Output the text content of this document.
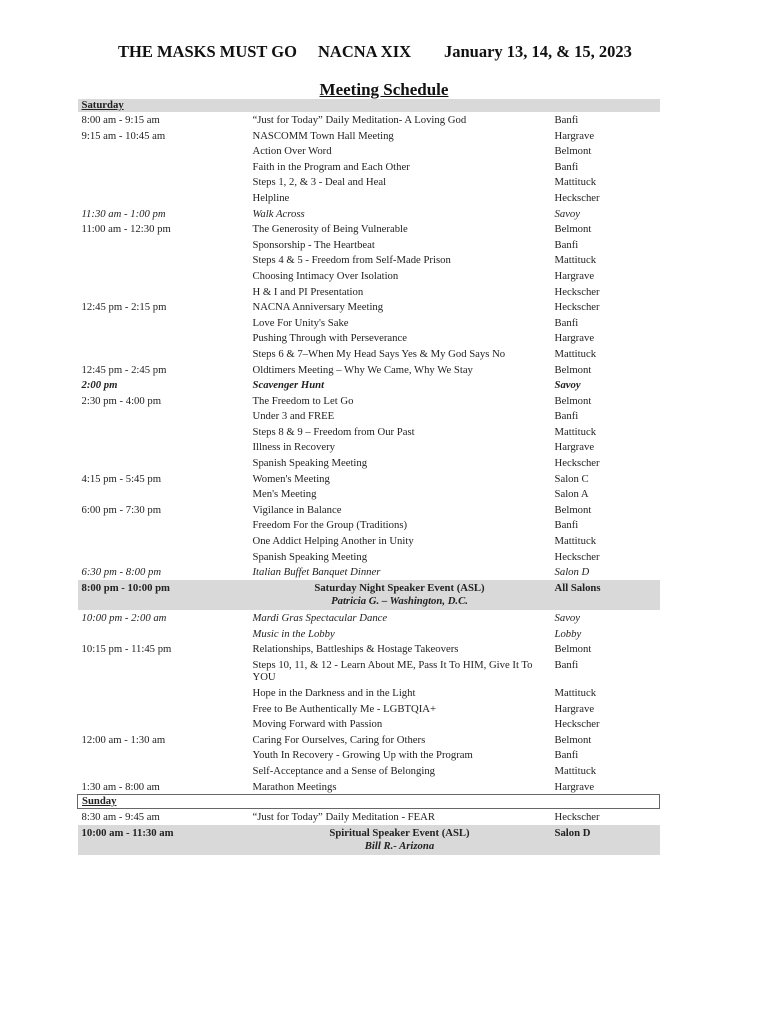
THE MASKS MUST GO NACNA XIX January 13, 14, & 15, 2023
Meeting Schedule
Saturday		
8:00 am - 9:15 am	“Just for Today” Daily Meditation- A Loving God	Banfi
9:15 am - 10:45 am	NASCOMM Town Hall Meeting	Hargrave
	Action Over Word	Belmont
	Faith in the Program and Each Other	Banfi
	Steps 1, 2, & 3 - Deal and Heal	Mattituck
	Helpline	Heckscher
11:30 am - 1:00 pm	Walk Across	Savoy
11:00 am - 12:30 pm	The Generosity of Being Vulnerable	Belmont
	Sponsorship - The Heartbeat	Banfi
	Steps 4 & 5 - Freedom from Self-Made Prison	Mattituck
	Choosing Intimacy Over Isolation	Hargrave
	H & I and PI Presentation	Heckscher
12:45 pm - 2:15 pm	NACNA Anniversary Meeting	Heckscher
	Love For Unity's Sake	Banfi
	Pushing Through with Perseverance	Hargrave
	Steps 6 & 7–When My Head Says Yes & My God Says No	Mattituck
12:45 pm - 2:45 pm	Oldtimers Meeting – Why We Came, Why We Stay	Belmont
2:00 pm	Scavenger Hunt	Savoy
2:30 pm - 4:00 pm	The Freedom to Let Go	Belmont
	Under 3 and FREE	Banfi
	Steps 8 & 9 – Freedom from Our Past	Mattituck
	Illness in Recovery	Hargrave
	Spanish Speaking Meeting	Heckscher
4:15 pm - 5:45 pm	Women's Meeting	Salon C
	Men's Meeting	Salon A
6:00 pm - 7:30 pm	Vigilance in Balance	Belmont
	Freedom For the Group (Traditions)	Banfi
	One Addict Helping Another in Unity	Mattituck
	Spanish Speaking Meeting	Heckscher
6:30 pm - 8:00 pm	Italian Buffet Banquet Dinner	Salon D
8:00 pm - 10:00 pm	Saturday Night Speaker Event (ASL)	All Salons
	Patricia G. – Washington, D.C.	
10:00 pm - 2:00 am	Mardi Gras Spectacular Dance	Savoy
	Music in the Lobby	Lobby
10:15 pm - 11:45 pm	Relationships, Battleships & Hostage Takeovers	Belmont
	Steps 10, 11, & 12 - Learn About ME, Pass It To HIM, Give It To YOU	Banfi
	Hope in the Darkness and in the Light	Mattituck
	Free to Be Authentically Me - LGBTQIA+	Hargrave
	Moving Forward with Passion	Heckscher
12:00 am - 1:30 am	Caring For Ourselves, Caring for Others	Belmont
	Youth In Recovery - Growing Up with the Program	Banfi
	Self-Acceptance and a Sense of Belonging	Mattituck
1:30 am - 8:00 am	Marathon Meetings	Hargrave
Sunday		
8:30 am - 9:45 am	“Just for Today” Daily Meditation - FEAR	Heckscher
10:00 am - 11:30 am	Spiritual Speaker Event (ASL)	Salon D
	Bill R.- Arizona	
